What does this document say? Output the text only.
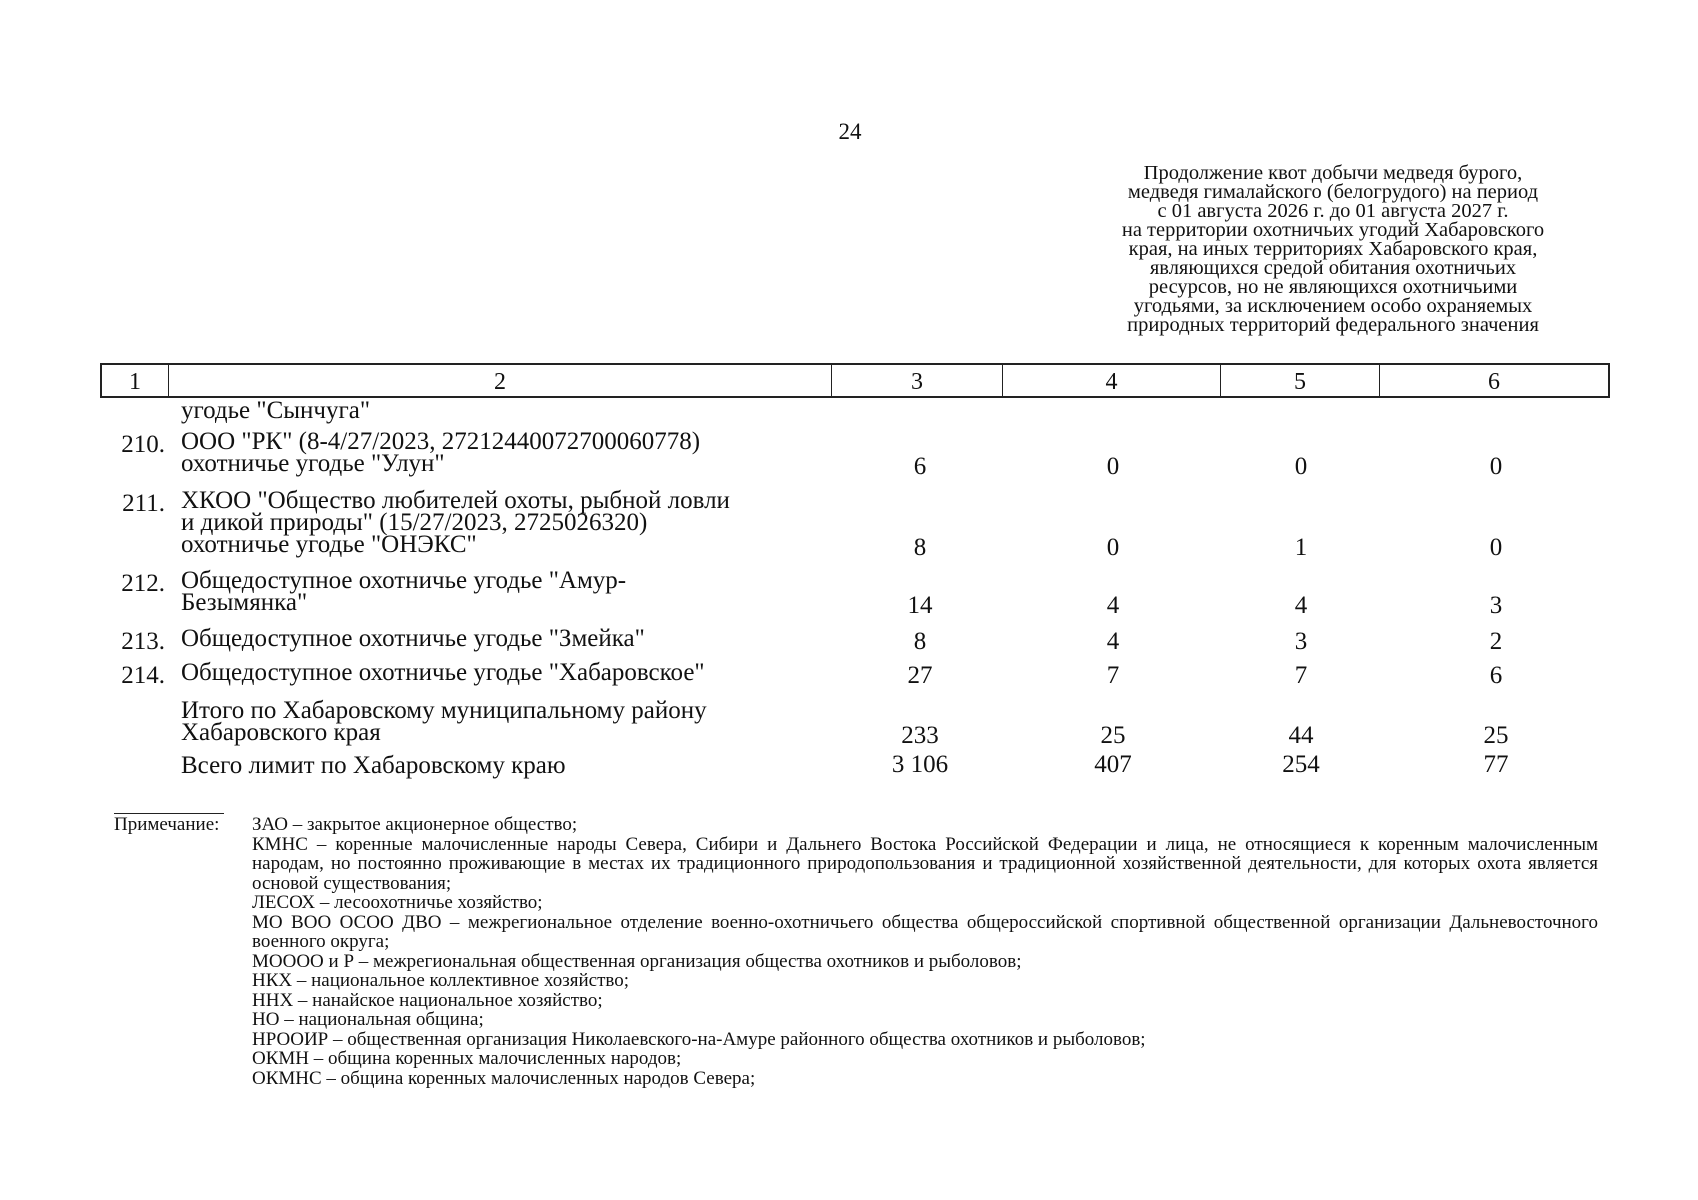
24
Продолжение квот добычи медведя бурого,
медведя гималайского (белогрудого) на период
с 01 августа 2026 г. до 01 августа 2027 г.
на территории охотничьих угодий Хабаровского
края, на иных территориях Хабаровского края,
являющихся средой обитания охотничьих
ресурсов, но не являющихся охотничьими
угодьями, за исключением особо охраняемых
природных территорий федерального значения
1	2	3	4	5	6
угодье "Сынчуга"
210. ООО "РК" (8-4/27/2023, 27212440072700060778)
охотничье угодье "Улун"	6	0	0	0
211. ХКОО "Общество любителей охоты, рыбной ловли
и дикой природы" (15/27/2023, 2725026320)
охотничье угодье "ОНЭКС"	8	0	1	0
212. Общедоступное охотничье угодье "Амур-
Безымянка"	14	4	4	3
213. Общедоступное охотничье угодье "Змейка"	8	4	3	2
214. Общедоступное охотничье угодье "Хабаровское"	27	7	7	6
Итого по Хабаровскому муниципальному району
Хабаровского края	233	25	44	25
Всего лимит по Хабаровскому краю	3 106	407	254	77
Примечание: ЗАО – закрытое акционерное общество;
КМНС – коренные малочисленные народы Севера, Сибири и Дальнего Востока Российской Федерации и лица, не относящиеся к коренным малочисленным народам, но постоянно проживающие в местах их традиционного природопользования и традиционной хозяйственной деятельности, для которых охота является основой существования;
ЛЕСОХ – лесоохотничье хозяйство;
МО ВОО ОСОО ДВО – межрегиональное отделение военно-охотничьего общества общероссийской спортивной общественной организации Дальневосточного военного округа;
МОООО и Р – межрегиональная общественная организация общества охотников и рыболовов;
НКХ – национальное коллективное хозяйство;
ННХ – нанайское национальное хозяйство;
НО – национальная община;
НРООИР – общественная организация Николаевского-на-Амуре районного общества охотников и рыболовов;
ОКМН – община коренных малочисленных народов;
ОКМНС – община коренных малочисленных народов Севера;
